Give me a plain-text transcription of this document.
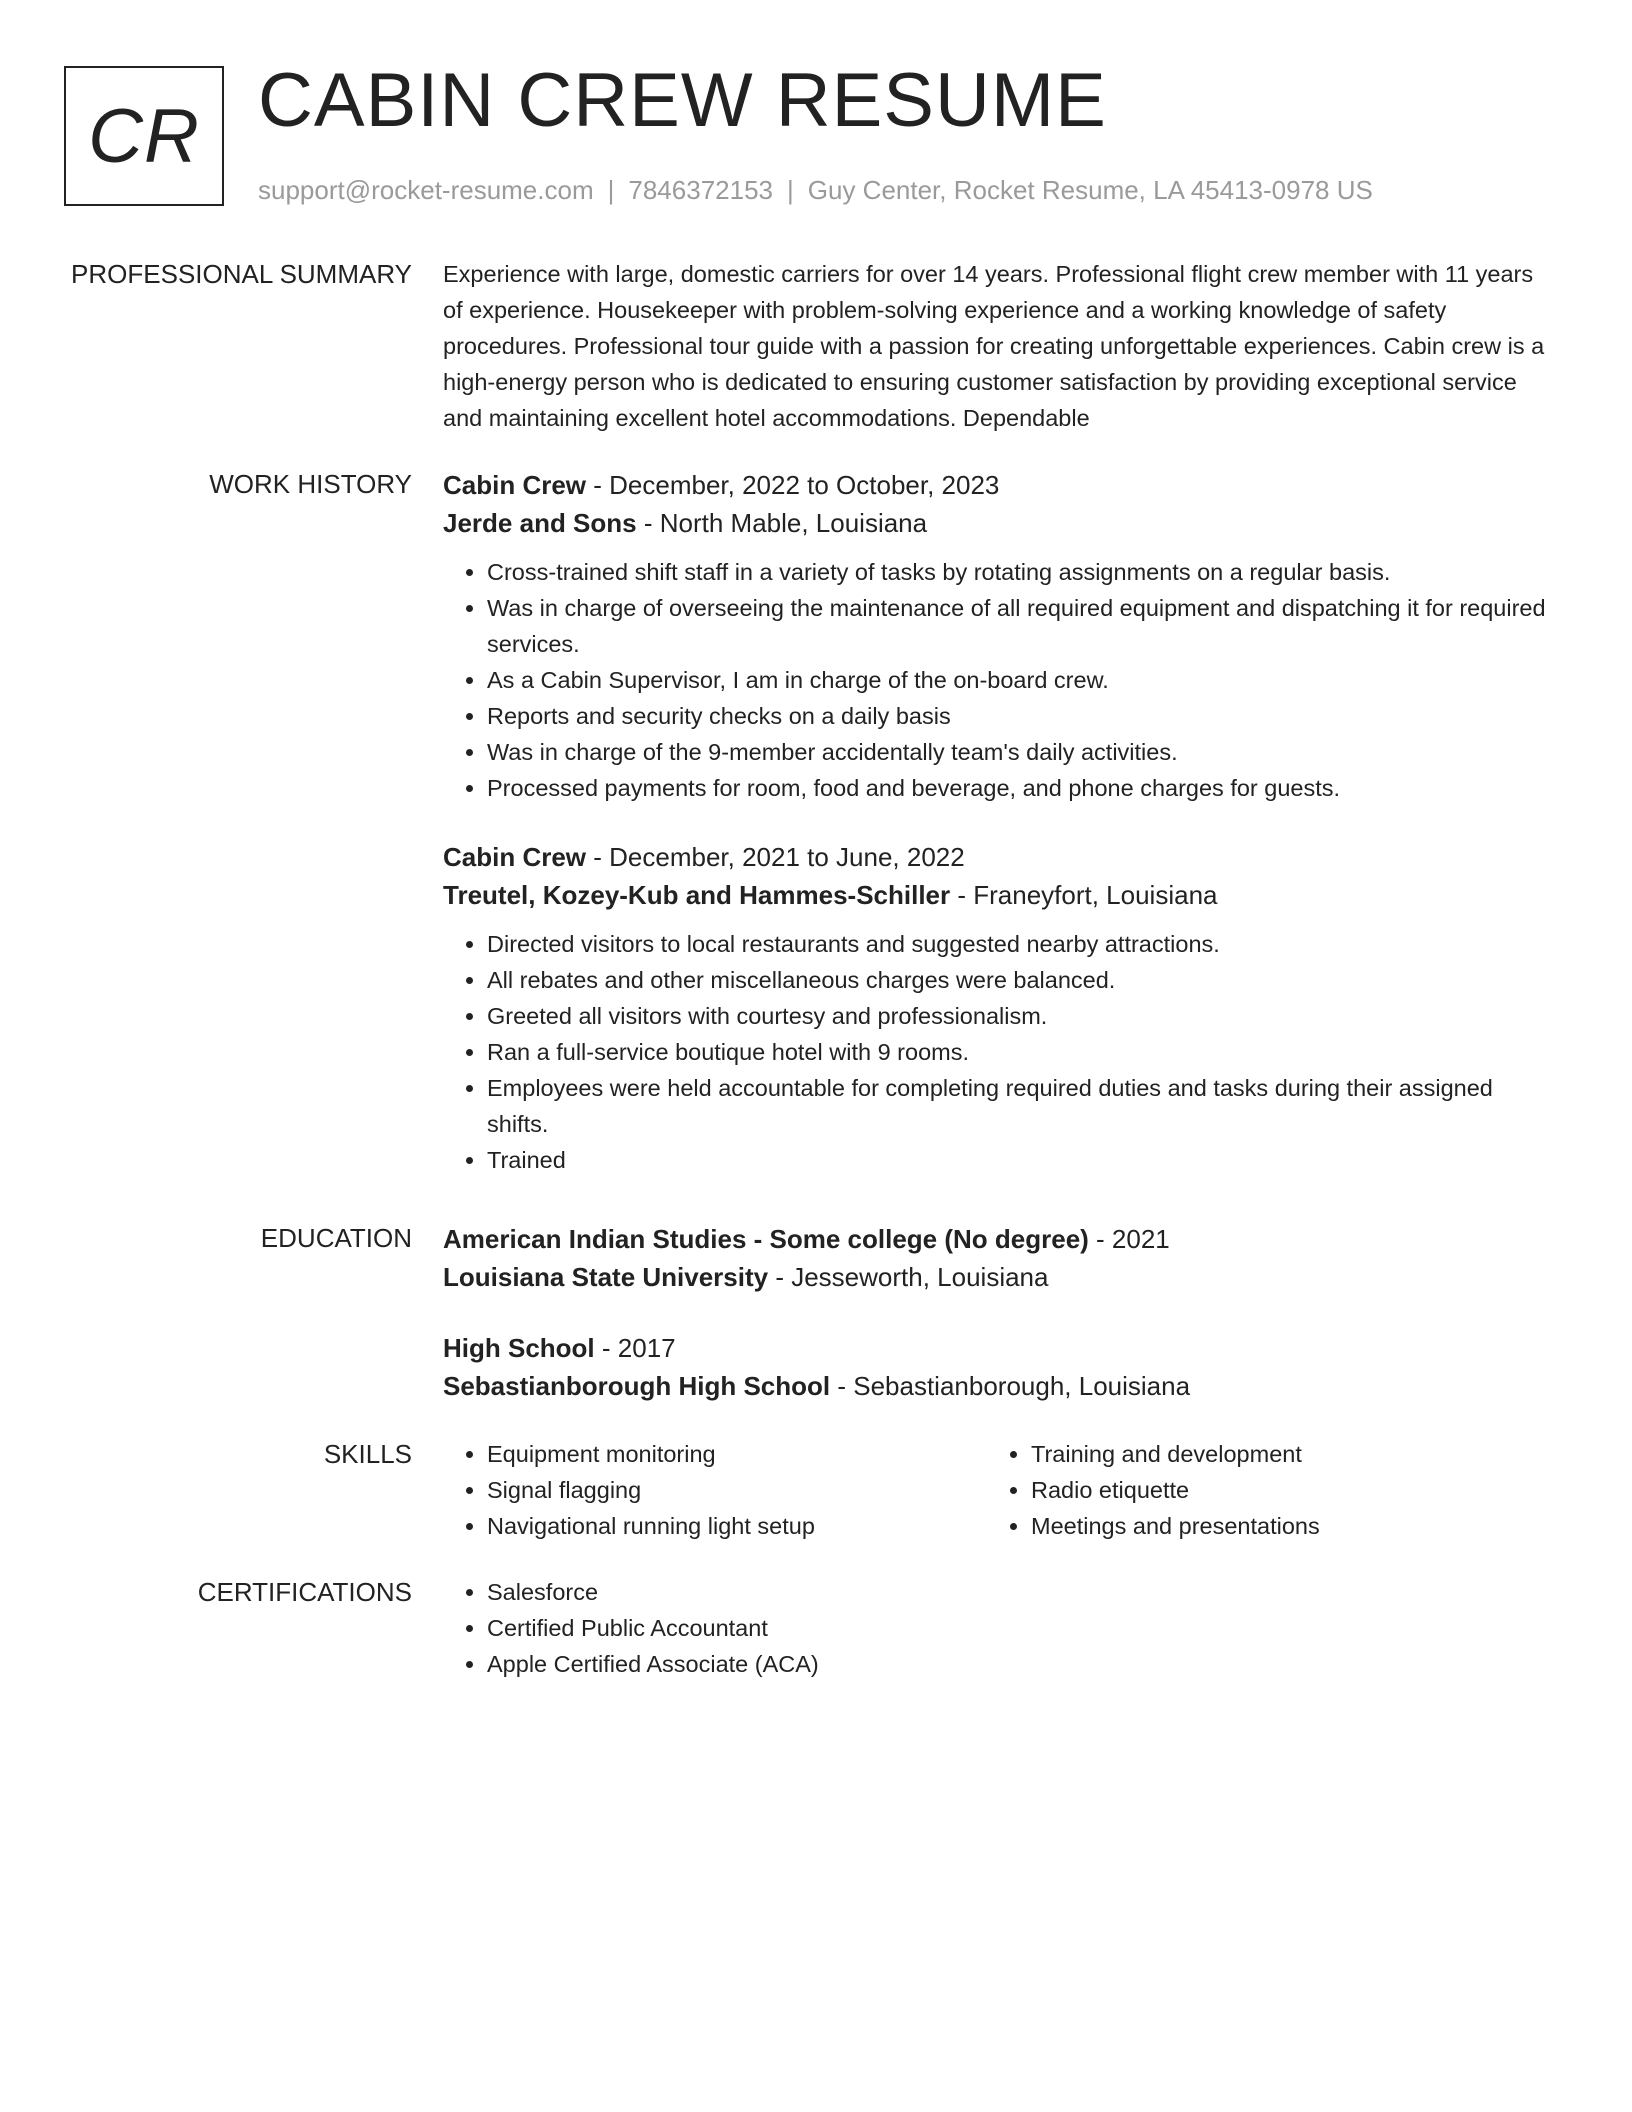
CR CABIN CREW RESUME
support@rocket-resume.com | 7846372153 | Guy Center, Rocket Resume, LA 45413-0978 US
PROFESSIONAL SUMMARY Experience with large, domestic carriers for over 14 years. Professional flight crew member with 11 years of experience. Housekeeper with problem-solving experience and a working knowledge of safety procedures. Professional tour guide with a passion for creating unforgettable experiences. Cabin crew is a high-energy person who is dedicated to ensuring customer satisfaction by providing exceptional service and maintaining excellent hotel accommodations. Dependable

WORK HISTORY Cabin Crew - December, 2022 to October, 2023
Jerde and Sons - North Mable, Louisiana
• Cross-trained shift staff in a variety of tasks by rotating assignments on a regular basis.
• Was in charge of overseeing the maintenance of all required equipment and dispatching it for required services.
• As a Cabin Supervisor, I am in charge of the on-board crew.
• Reports and security checks on a daily basis
• Was in charge of the 9-member accidentally team's daily activities.
• Processed payments for room, food and beverage, and phone charges for guests.
Cabin Crew - December, 2021 to June, 2022
Treutel, Kozey-Kub and Hammes-Schiller - Franeyfort, Louisiana
• Directed visitors to local restaurants and suggested nearby attractions.
• All rebates and other miscellaneous charges were balanced.
• Greeted all visitors with courtesy and professionalism.
• Ran a full-service boutique hotel with 9 rooms.
• Employees were held accountable for completing required duties and tasks during their assigned shifts.
• Trained
EDUCATION American Indian Studies - Some college (No degree) - 2021
Louisiana State University - Jesseworth, Louisiana
High School - 2017
Sebastianborough High School - Sebastianborough, Louisiana
SKILLS	• Equipment monitoring
• Signal flagging
• Navigational running light setup
• Training and development
• Radio etiquette
• Meetings and presentations
CERTIFICATIONS	• Salesforce
• Certified Public Accountant
• Apple Certified Associate (ACA)
